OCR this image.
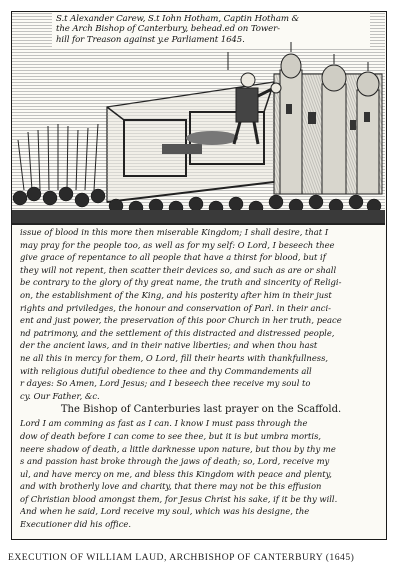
S.t Alexander Carew, S.t Iohn Hotham, Captin Hotham &
the Arch Bishop of Canterbury, behead.ed on Tower-
hill for Treason against y.e Parliament 1645.
issue of blood in this more then miserable Kingdom; I shall desire, that I
may pray for the people too, as well as for my self: O Lord, I beseech thee
give grace of repentance to all people that have a thirst for blood, but if
they will not repent, then scatter their devices so, and such as are or shall
be contrary to the glory of thy great name, the truth and sincerity of Religi-
on, the establishment of the King, and his posterity after him in their just
rights and priviledges, the honour and conservation of Parl. in their anci-
ent and just power, the preservation of this poor Church in her truth, peace
nd patrimony, and the settlement of this distracted and distressed people,
der the ancient laws, and in their native liberties; and when thou hast
ne all this in mercy for them, O Lord, fill their hearts with thankfullness,
with religious dutiful obedience to thee and thy Commandements all
r dayes: So Amen, Lord Jesus; and I beseech thee receive my soul to
cy. Our Father, &c.
The Bishop of Canterburies last prayer on the Scaffold.
Lord I am comming as fast as I can. I know I must pass through the
dow of death before I can come to see thee, but it is but umbra mortis,
neere shadow of death, a little darknesse upon nature, but thou by thy me
s and passion hast broke through the jaws of death; so, Lord, receive my
ul, and have mercy on me, and bless this Kingdom with peace and plenty,
and with brotherly love and charity, that there may not be this effusion
of Christian blood amongst them, for Jesus Christ his sake, if it be thy will.
And when he said, Lord receive my soul, which was his designe, the
Executioner did his office.
EXECUTION OF WILLIAM LAUD, ARCHBISHOP OF CANTERBURY (1645)
